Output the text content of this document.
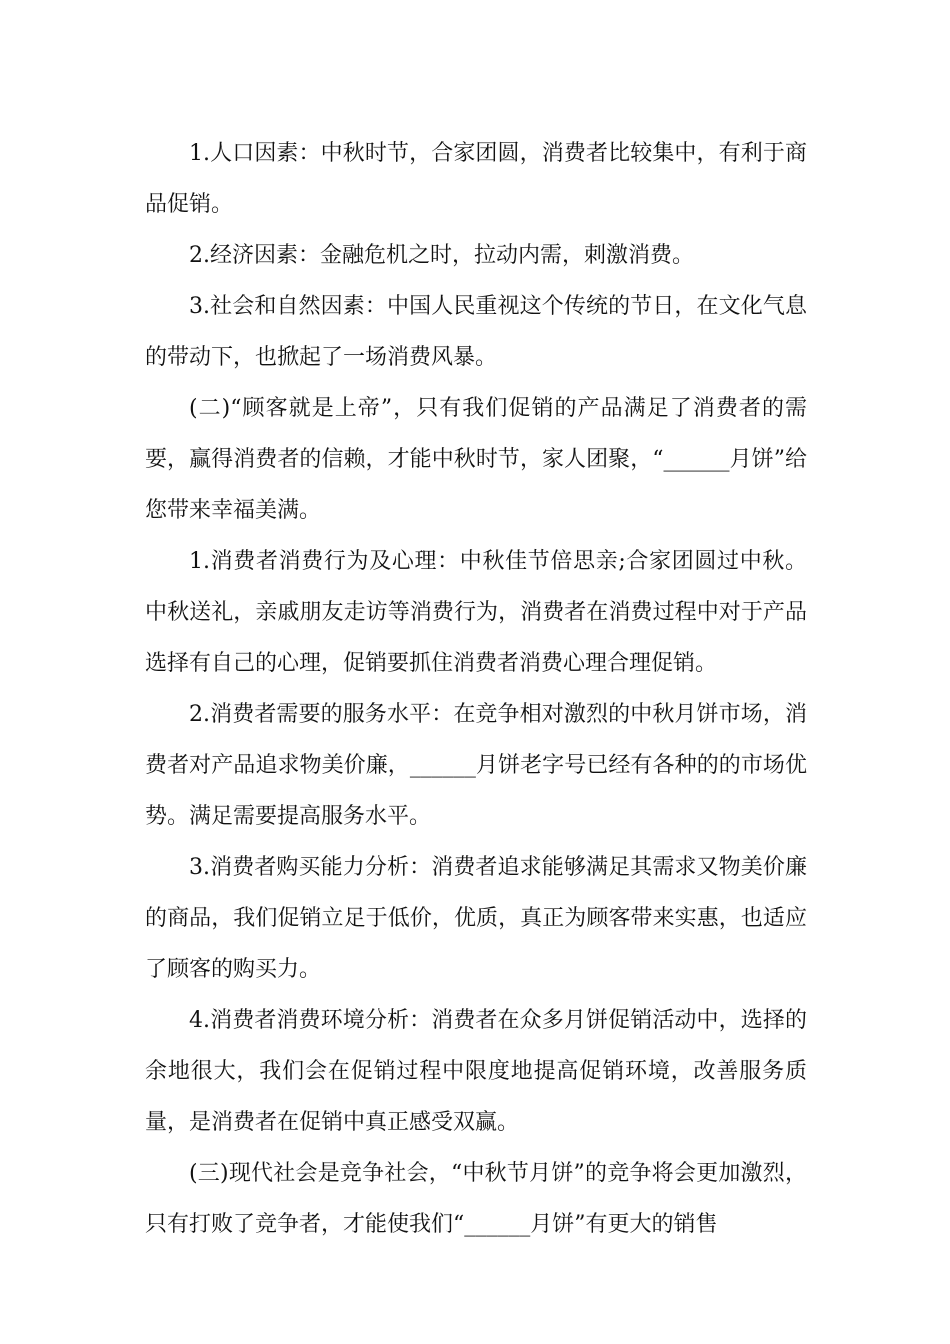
1.人口因素：中秋时节，合家团圆，消费者比较集中，有利于商品促销。

2.经济因素：金融危机之时，拉动内需，刺激消费。

3.社会和自然因素：中国人民重视这个传统的节日，在文化气息的带动下，也掀起了一场消费风暴。

(二)“顾客就是上帝”，只有我们促销的产品满足了消费者的需要，赢得消费者的信赖，才能中秋时节，家人团聚，“______月饼”给您带来幸福美满。

1.消费者消费行为及心理：中秋佳节倍思亲;合家团圆过中秋。中秋送礼，亲戚朋友走访等消费行为，消费者在消费过程中对于产品选择有自己的心理，促销要抓住消费者消费心理合理促销。

2.消费者需要的服务水平：在竞争相对激烈的中秋月饼市场，消费者对产品追求物美价廉，______月饼老字号已经有各种的的市场优势。满足需要提高服务水平。

3.消费者购买能力分析：消费者追求能够满足其需求又物美价廉的商品，我们促销立足于低价，优质，真正为顾客带来实惠，也适应了顾客的购买力。

4.消费者消费环境分析：消费者在众多月饼促销活动中，选择的余地很大，我们会在促销过程中限度地提高促销环境，改善服务质量，是消费者在促销中真正感受双赢。

(三)现代社会是竞争社会，“中秋节月饼”的竞争将会更加激烈，只有打败了竞争者，才能使我们“______月饼”有更大的销售
